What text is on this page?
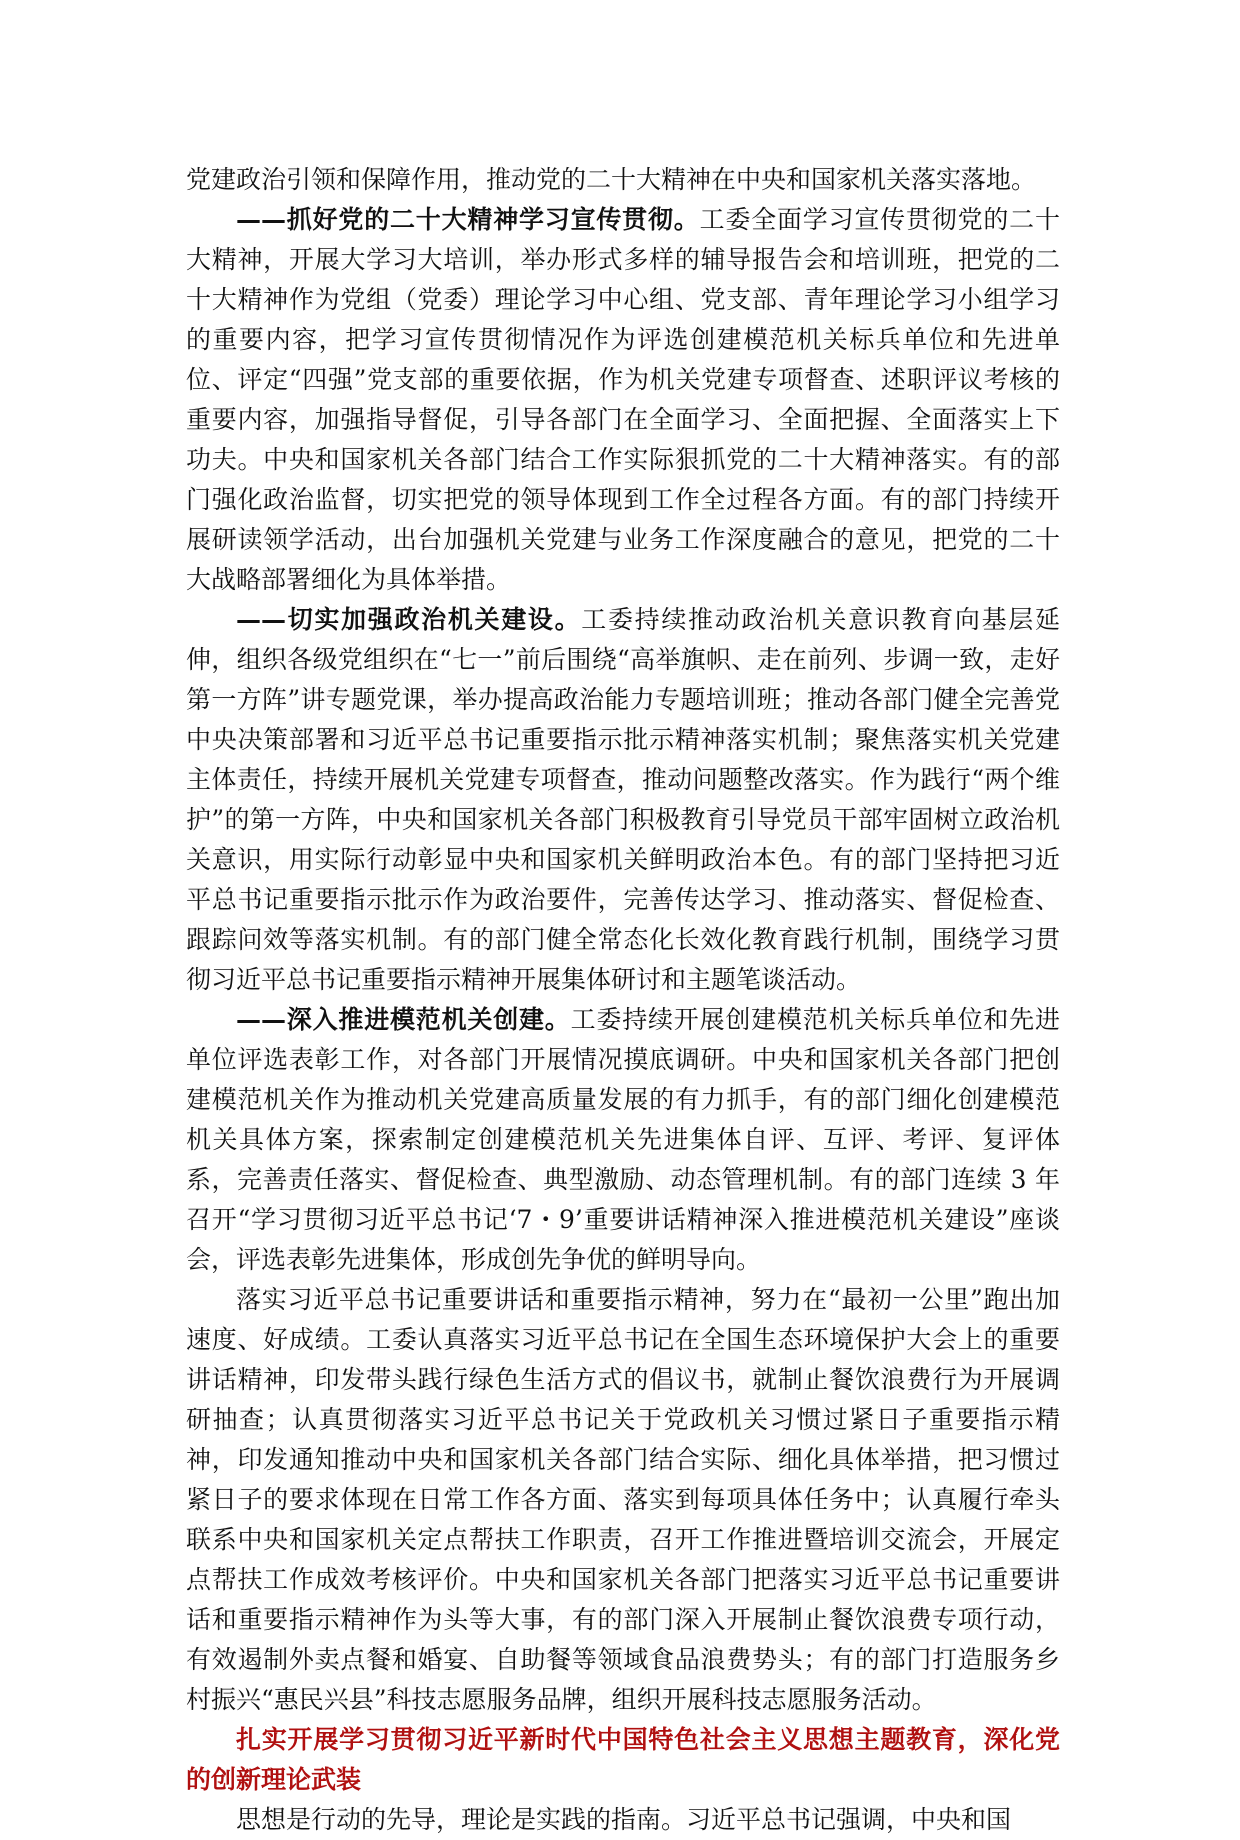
党建政治引领和保障作用，推动党的二十大精神在中央和国家机关落实落地。

——抓好党的二十大精神学习宣传贯彻。工委全面学习宣传贯彻党的二十大精神，开展大学习大培训，举办形式多样的辅导报告会和培训班，把党的二十大精神作为党组（党委）理论学习中心组、党支部、青年理论学习小组学习的重要内容，把学习宣传贯彻情况作为评选创建模范机关标兵单位和先进单位、评定“四强”党支部的重要依据，作为机关党建专项督查、述职评议考核的重要内容，加强指导督促，引导各部门在全面学习、全面把握、全面落实上下功夫。中央和国家机关各部门结合工作实际狠抓党的二十大精神落实。有的部门强化政治监督，切实把党的领导体现到工作全过程各方面。有的部门持续开展研读领学活动，出台加强机关党建与业务工作深度融合的意见，把党的二十大战略部署细化为具体举措。

——切实加强政治机关建设。工委持续推动政治机关意识教育向基层延伸，组织各级党组织在“七一”前后围绕“高举旗帜、走在前列、步调一致，走好第一方阵”讲专题党课，举办提高政治能力专题培训班；推动各部门健全完善党中央决策部署和习近平总书记重要指示批示精神落实机制；聚焦落实机关党建主体责任，持续开展机关党建专项督查，推动问题整改落实。作为践行“两个维护”的第一方阵，中央和国家机关各部门积极教育引导党员干部牢固树立政治机关意识，用实际行动彰显中央和国家机关鲜明政治本色。有的部门坚持把习近平总书记重要指示批示作为政治要件，完善传达学习、推动落实、督促检查、跟踪问效等落实机制。有的部门健全常态化长效化教育践行机制，围绕学习贯彻习近平总书记重要指示精神开展集体研讨和主题笔谈活动。

——深入推进模范机关创建。工委持续开展创建模范机关标兵单位和先进单位评选表彰工作，对各部门开展情况摸底调研。中央和国家机关各部门把创建模范机关作为推动机关党建高质量发展的有力抓手，有的部门细化创建模范机关具体方案，探索制定创建模范机关先进集体自评、互评、考评、复评体系，完善责任落实、督促检查、典型激励、动态管理机制。有的部门连续 3 年召开“学习贯彻习近平总书记‘7・9’重要讲话精神深入推进模范机关建设”座谈会，评选表彰先进集体，形成创先争优的鲜明导向。

落实习近平总书记重要讲话和重要指示精神，努力在“最初一公里”跑出加速度、好成绩。工委认真落实习近平总书记在全国生态环境保护大会上的重要讲话精神，印发带头践行绿色生活方式的倡议书，就制止餐饮浪费行为开展调研抽查；认真贯彻落实习近平总书记关于党政机关习惯过紧日子重要指示精神，印发通知推动中央和国家机关各部门结合实际、细化具体举措，把习惯过紧日子的要求体现在日常工作各方面、落实到每项具体任务中；认真履行牵头联系中央和国家机关定点帮扶工作职责，召开工作推进暨培训交流会，开展定点帮扶工作成效考核评价。中央和国家机关各部门把落实习近平总书记重要讲话和重要指示精神作为头等大事，有的部门深入开展制止餐饮浪费专项行动，有效遏制外卖点餐和婚宴、自助餐等领域食品浪费势头；有的部门打造服务乡村振兴“惠民兴县”科技志愿服务品牌，组织开展科技志愿服务活动。

扎实开展学习贯彻习近平新时代中国特色社会主义思想主题教育，深化党的创新理论武装

思想是行动的先导，理论是实践的指南。习近平总书记强调，中央和国
